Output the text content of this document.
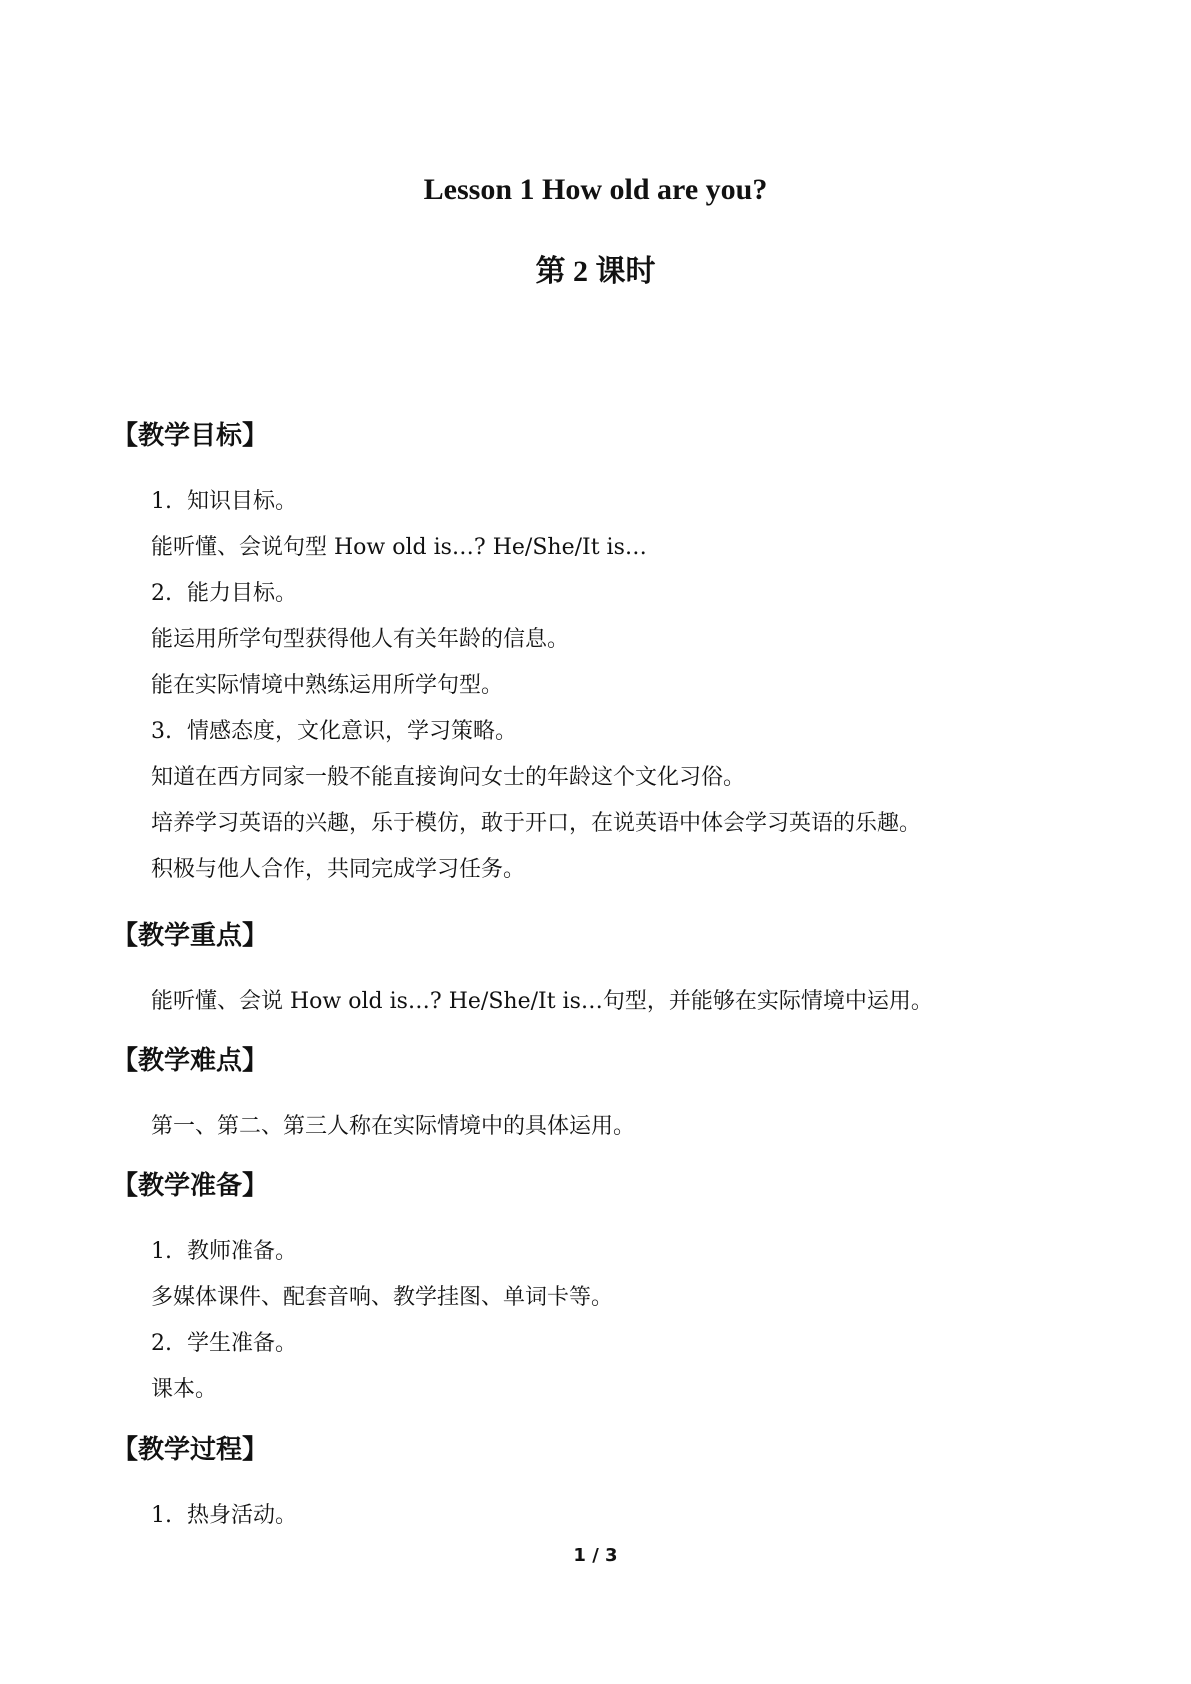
Lesson 1 How old are you?
第 2 课时
【教学目标】
1. 知识目标。
能听懂、会说句型 How old is…? He/She/It is…
2. 能力目标。
能运用所学句型获得他人有关年龄的信息。
能在实际情境中熟练运用所学句型。
3. 情感态度，文化意识，学习策略。
知道在西方同家一般不能直接询问女士的年龄这个文化习俗。
培养学习英语的兴趣，乐于模仿，敢于开口，在说英语中体会学习英语的乐趣。
积极与他人合作，共同完成学习任务。
【教学重点】
能听懂、会说 How old is…? He/She/It is…句型，并能够在实际情境中运用。
【教学难点】
第一、第二、第三人称在实际情境中的具体运用。
【教学准备】
1. 教师准备。
多媒体课件、配套音响、教学挂图、单词卡等。
2. 学生准备。
课本。
【教学过程】
1. 热身活动。
1 / 3
